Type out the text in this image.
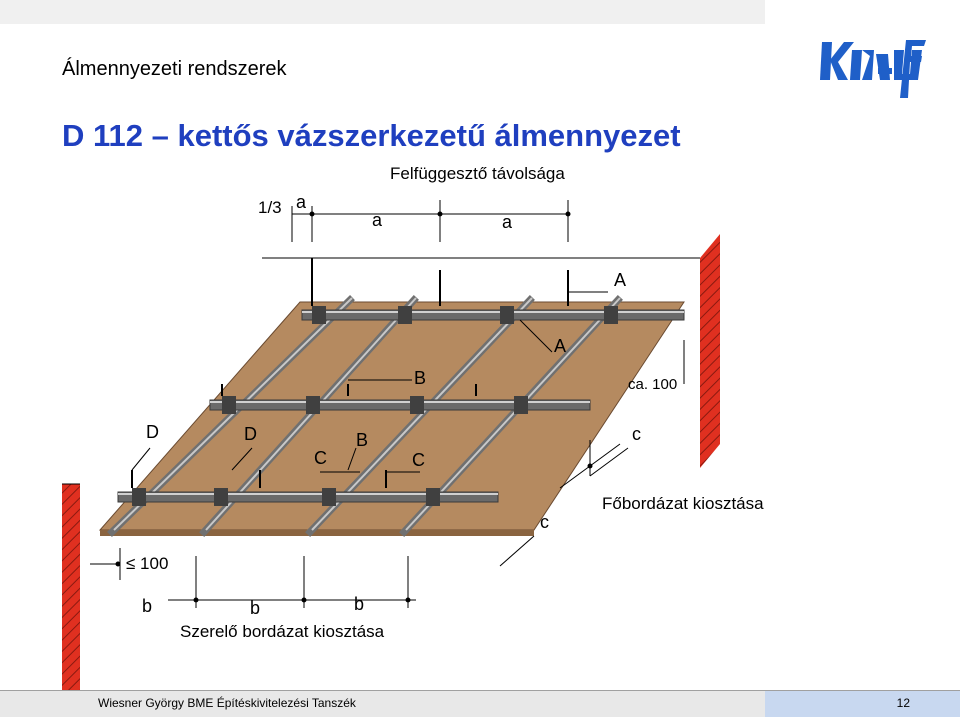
Álmennyezeti rendszerek
D 112 – kettős vázszerkezetű álmennyezet
Felfüggesztő távolsága
1/3 a
a	a
A
A
B
B
C	C
D	D
ca. 100
c
c
Főbordázat kiosztása
≤ 100
b	b	b
Szerelő bordázat kiosztása
Wiesner György BME Építéskivitelezési Tanszék	12
